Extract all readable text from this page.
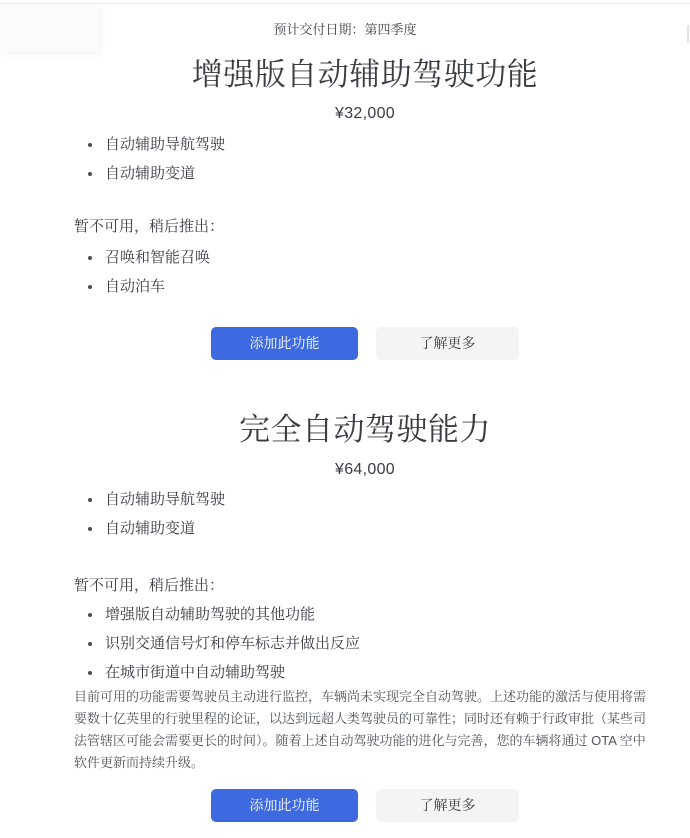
预计交付日期：第四季度
增强版自动辅助驾驶功能
¥32,000
自动辅助导航驾驶
自动辅助变道
暂不可用，稍后推出：
召唤和智能召唤
自动泊车
添加此功能	了解更多
完全自动驾驶能力
¥64,000
自动辅助导航驾驶
自动辅助变道
暂不可用，稍后推出：
增强版自动辅助驾驶的其他功能
识别交通信号灯和停车标志并做出反应
在城市街道中自动辅助驾驶

目前可用的功能需要驾驶员主动进行监控，车辆尚未实现完全自动驾驶。上述功能的激活与使用将需要数十亿英里的行驶里程的论证，以达到远超人类驾驶员的可靠性；同时还有赖于行政审批（某些司法管辖区可能会需要更长的时间）。随着上述自动驾驶功能的进化与完善，您的车辆将通过 OTA 空中软件更新而持续升级。

添加此功能	了解更多
